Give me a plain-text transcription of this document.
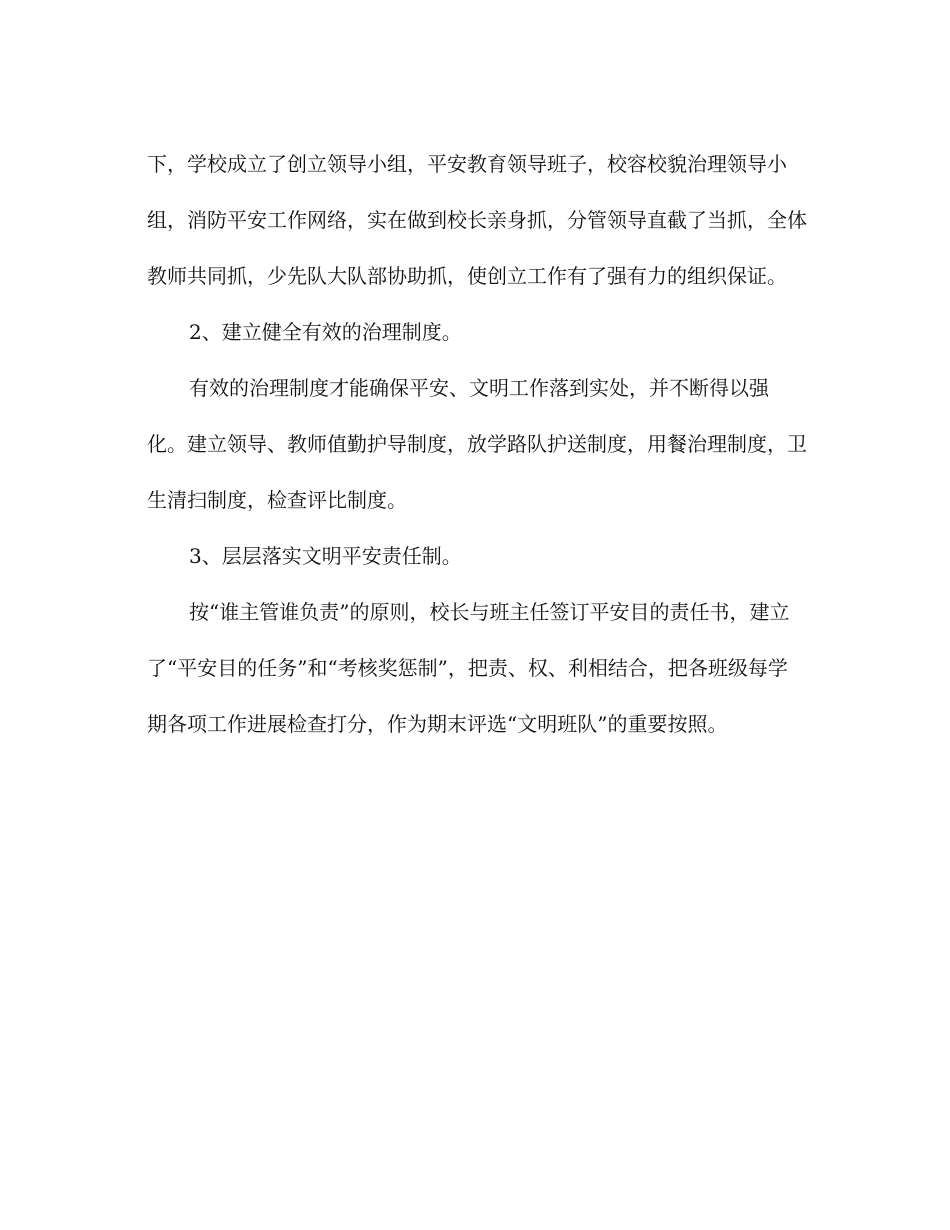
下，学校成立了创立领导小组，平安教育领导班子，校容校貌治理领导小组，消防平安工作网络，实在做到校长亲身抓，分管领导直截了当抓，全体教师共同抓，少先队大队部协助抓，使创立工作有了强有力的组织保证。

2、建立健全有效的治理制度。

有效的治理制度才能确保平安、文明工作落到实处，并不断得以强化。建立领导、教师值勤护导制度，放学路队护送制度，用餐治理制度，卫生清扫制度，检查评比制度。

3、层层落实文明平安责任制。

按“谁主管谁负责”的原则，校长与班主任签订平安目的责任书，建立了“平安目的任务”和“考核奖惩制”，把责、权、利相结合，把各班级每学期各项工作进展检查打分，作为期末评选“文明班队”的重要按照。
